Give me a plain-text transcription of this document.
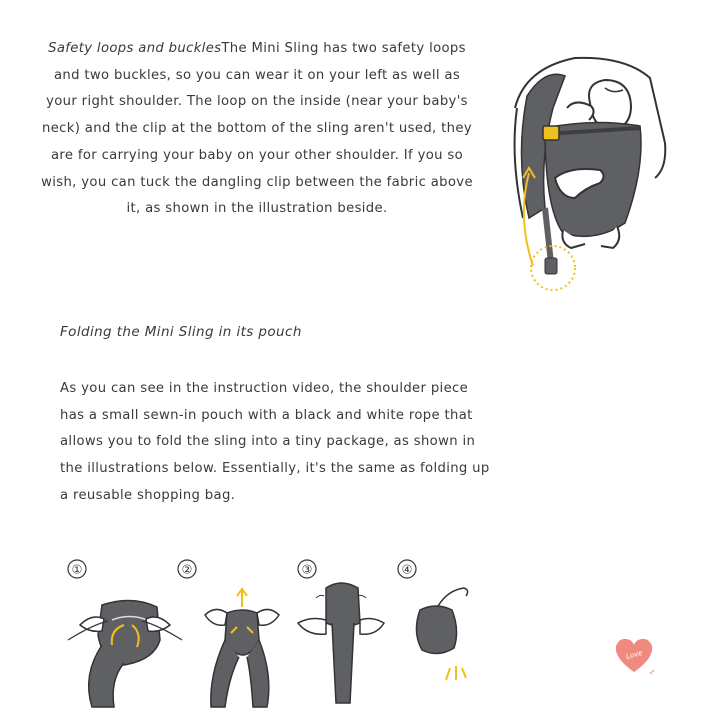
Safety loops and bucklesThe Mini Sling has two safety loops and two buckles, so you can wear it on your left as well as your right shoulder. The loop on the inside (near your baby's neck) and the clip at the bottom of the sling aren't used, they are for carrying your baby on your other shoulder. If you so wish, you can tuck the dangling clip between the fabric above it, as shown in the illustration beside.

Folding the Mini Sling in its pouch

As you can see in the instruction video, the shoulder piece has a small sewn-in pouch with a black and white rope that allows you to fold the sling into a tiny package, as shown in the illustrations below. Essentially, it's the same as folding up a reusable shopping bag.

①	②	③	④
Love
